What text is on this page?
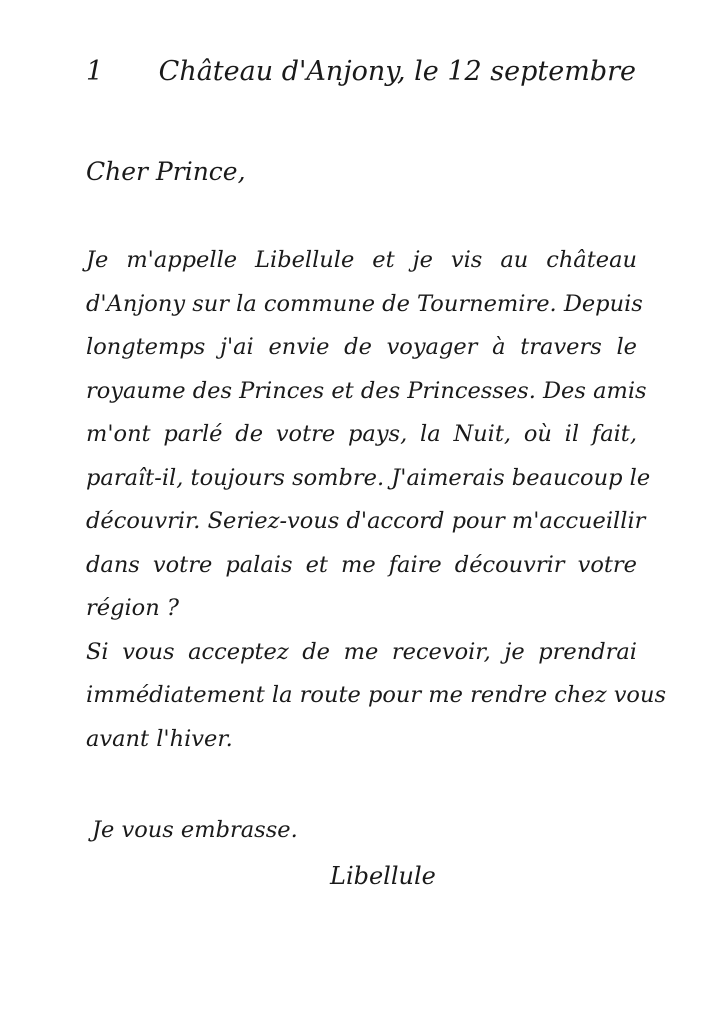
1 Château d'Anjony, le 12 septembre
Cher Prince,
Je m'appelle Libellule et je vis au château
d'Anjony sur la commune de Tournemire. Depuis
longtemps j'ai envie de voyager à travers le
royaume des Princes et des Princesses. Des amis
m'ont parlé de votre pays, la Nuit, où il fait,
paraît-il, toujours sombre. J'aimerais beaucoup le
découvrir. Seriez-vous d'accord pour m'accueillir
dans votre palais et me faire découvrir votre
région ?
Si vous acceptez de me recevoir, je prendrai
immédiatement la route pour me rendre chez vous
avant l'hiver.
Je vous embrasse.
Libellule
